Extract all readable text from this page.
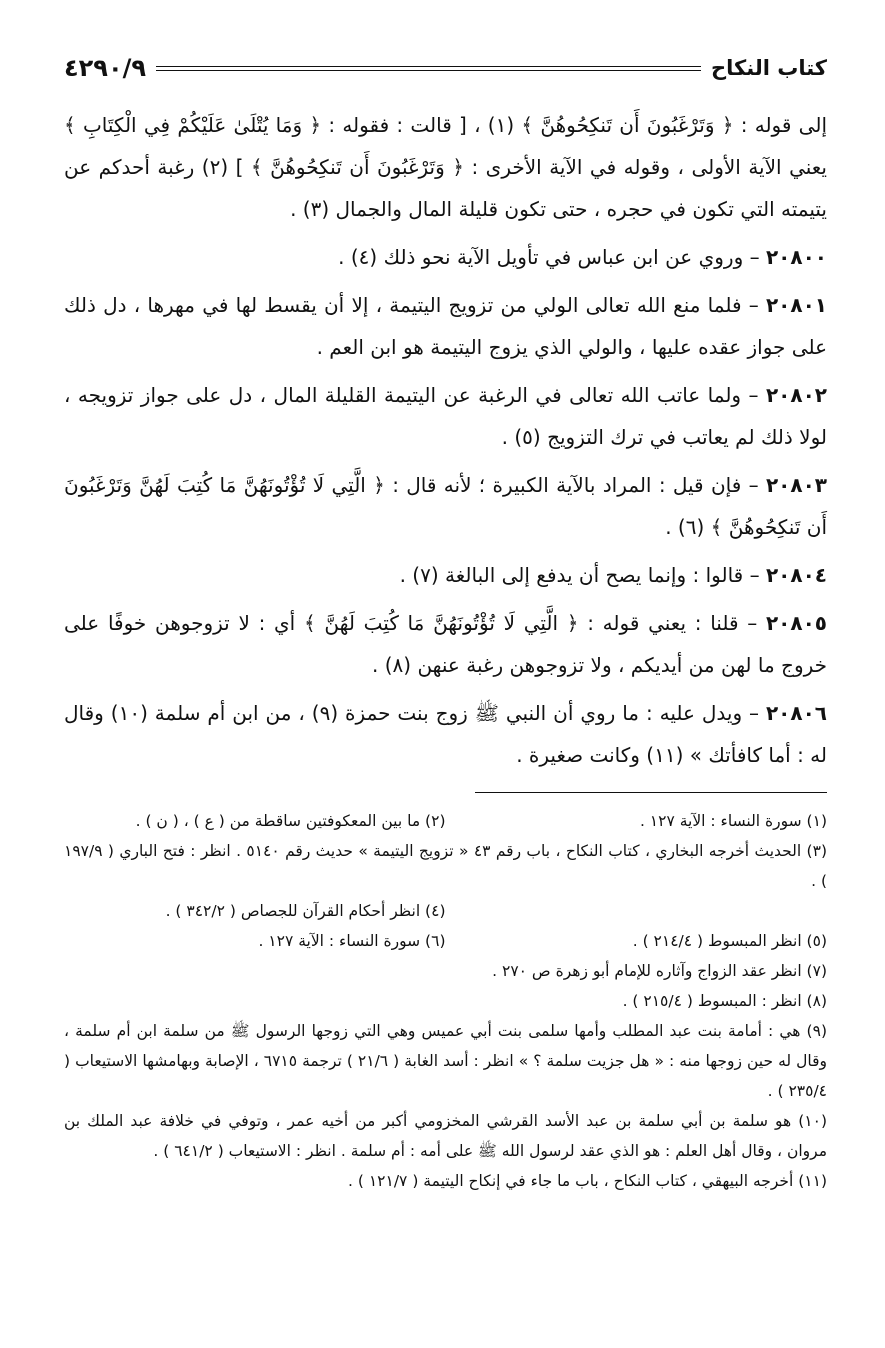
كتاب النكاح
٤٢٩٠/٩

إلى قوله : ﴿ وَتَرْغَبُونَ أَن تَنكِحُوهُنَّ ﴾ (١) ، [ قالت : فقوله : ﴿ وَمَا يُتْلَىٰ عَلَيْكُمْ فِي الْكِتَابِ ﴾ يعني الآية الأولى ، وقوله في الآية الأخرى : ﴿ وَتَرْغَبُونَ أَن تَنكِحُوهُنَّ ﴾ ] (٢) رغبة أحدكم عن يتيمته التي تكون في حجره ، حتى تكون قليلة المال والجمال (٣) .

٢٠٨٠٠ – وروي عن ابن عباس في تأويل الآية نحو ذلك (٤) .

٢٠٨٠١ – فلما منع الله تعالى الولي من تزويج اليتيمة ، إلا أن يقسط لها في مهرها ، دل ذلك على جواز عقده عليها ، والولي الذي يزوج اليتيمة هو ابن العم .

٢٠٨٠٢ – ولما عاتب الله تعالى في الرغبة عن اليتيمة القليلة المال ، دل على جواز تزويجه ، لولا ذلك لم يعاتب في ترك التزويج (٥) .

٢٠٨٠٣ – فإن قيل : المراد بالآية الكبيرة ؛ لأنه قال : ﴿ الَّتِي لَا تُؤْتُونَهُنَّ مَا كُتِبَ لَهُنَّ وَتَرْغَبُونَ أَن تَنكِحُوهُنَّ ﴾ (٦) .

٢٠٨٠٤ – قالوا : وإنما يصح أن يدفع إلى البالغة (٧) .

٢٠٨٠٥ – قلنا : يعني قوله : ﴿ الَّتِي لَا تُؤْتُونَهُنَّ مَا كُتِبَ لَهُنَّ ﴾ أي : لا تزوجوهن خوفًا على خروج ما لهن من أيديكم ، ولا تزوجوهن رغبة عنهن (٨) .

٢٠٨٠٦ – ويدل عليه : ما روي أن النبي ﷺ زوج بنت حمزة (٩) ، من ابن أم سلمة (١٠) وقال له : أما كافأتك » (١١) وكانت صغيرة .

(١) سورة النساء : الآية ١٢٧ .
(٢) ما بين المعكوفتين ساقطة من ( ع ) ، ( ن ) .

(٣) الحديث أخرجه البخاري ، كتاب النكاح ، باب رقم ٤٣ « تزويج اليتيمة » حديث رقم ٥١٤٠ . انظر : فتح الباري ( ١٩٧/٩ ) .

(٤) انظر أحكام القرآن للجصاص ( ٣٤٢/٢ ) .
(٥) انظر المبسوط ( ٢١٤/٤ ) .
(٦) سورة النساء : الآية ١٢٧ .

(٧) انظر عقد الزواج وآثاره للإمام أبو زهرة ص ٢٧٠ .

(٨) انظر : المبسوط ( ٢١٥/٤ ) .

(٩) هي : أمامة بنت عبد المطلب وأمها سلمى بنت أبي عميس وهي التي زوجها الرسول ﷺ من سلمة ابن أم سلمة ، وقال له حين زوجها منه : « هل جزيت سلمة ؟ » انظر : أسد الغابة ( ٢١/٦ ) ترجمة ٦٧١٥ ، الإصابة وبهامشها الاستيعاب ( ٢٣٥/٤ ) .

(١٠) هو سلمة بن أبي سلمة بن عبد الأسد القرشي المخزومي أكبر من أخيه عمر ، وتوفي في خلافة عبد الملك بن مروان ، وقال أهل العلم : هو الذي عقد لرسول الله ﷺ على أمه : أم سلمة . انظر : الاستيعاب ( ٦٤١/٢ ) .

(١١) أخرجه البيهقي ، كتاب النكاح ، باب ما جاء في إنكاح اليتيمة ( ١٢١/٧ ) .
